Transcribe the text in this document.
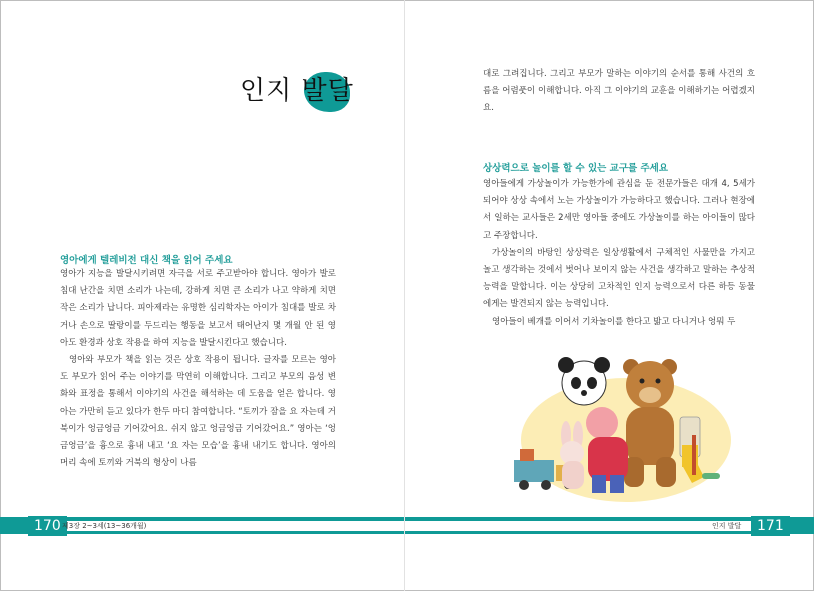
인지 발달
영아에게 텔레비전 대신 책을 읽어 주세요

영아가 지능을 발달시키려면 자극을 서로 주고받아야 합니다. 영아가 발로 침대 난간을 치면 소리가 나는데, 강하게 치면 큰 소리가 나고 약하게 치면 작은 소리가 납니다. 피아제라는 유명한 심리학자는 아이가 침대를 발로 차거나 손으로 딸랑이를 두드리는 행동을 보고서 태어난지 몇 개월 안 된 영아도 환경과 상호 작용을 하여 지능을 발달시킨다고 했습니다.

영아와 부모가 책을 읽는 것은 상호 작용이 됩니다. 글자를 모르는 영아도 부모가 읽어 주는 이야기를 막연히 이해합니다. 그리고 부모의 음성 변화와 표정을 통해서 이야기의 사건을 해석하는 데 도움을 얻은 합니다. 영아는 가만히 듣고 있다가 한두 마디 참여합니다. “토끼가 잠을 요 자는데 거북이가 엉금엉금 기어갔어요. 쉬지 않고 엉금엉금 기어갔어요.” 영아는 ‘엉금엉금’을 흉으로 흉내 내고 ‘요 자는 모습’을 흉내 내기도 합니다. 영아의 머리 속에 토끼와 거북의 형상이 나름

170 제3장 2~3세(13~36개월)

대로 그려집니다. 그리고 부모가 말하는 이야기의 순서를 통해 사건의 흐름을 어렴풋이 이해합니다. 아직 그 이야기의 교훈을 이해하기는 어렵겠지요.

상상력으로 놀이를 할 수 있는 교구를 주세요

영아들에게 가상놀이가 가능한가에 관심을 둔 전문가들은 대개 4, 5세가 되어야 상상 속에서 노는 가상놀이가 가능하다고 했습니다. 그러나 현장에서 일하는 교사들은 2세만 영아들 중에도 가상놀이를 하는 아이들이 많다고 주장합니다.

가상놀이의 바탕인 상상력은 일상생활에서 구체적인 사물만을 가지고 놀고 생각하는 것에서 벗어나 보이지 않는 사건을 생각하고 말하는 추상적 능력을 말합니다. 이는 상당히 고차적인 인지 능력으로서 다른 하등 동물에게는 발견되지 않는 능력입니다.

영아들이 베개를 이어서 기차놀이를 한다고 밟고 다니거나 엉뭐 두

인지 발달	171
